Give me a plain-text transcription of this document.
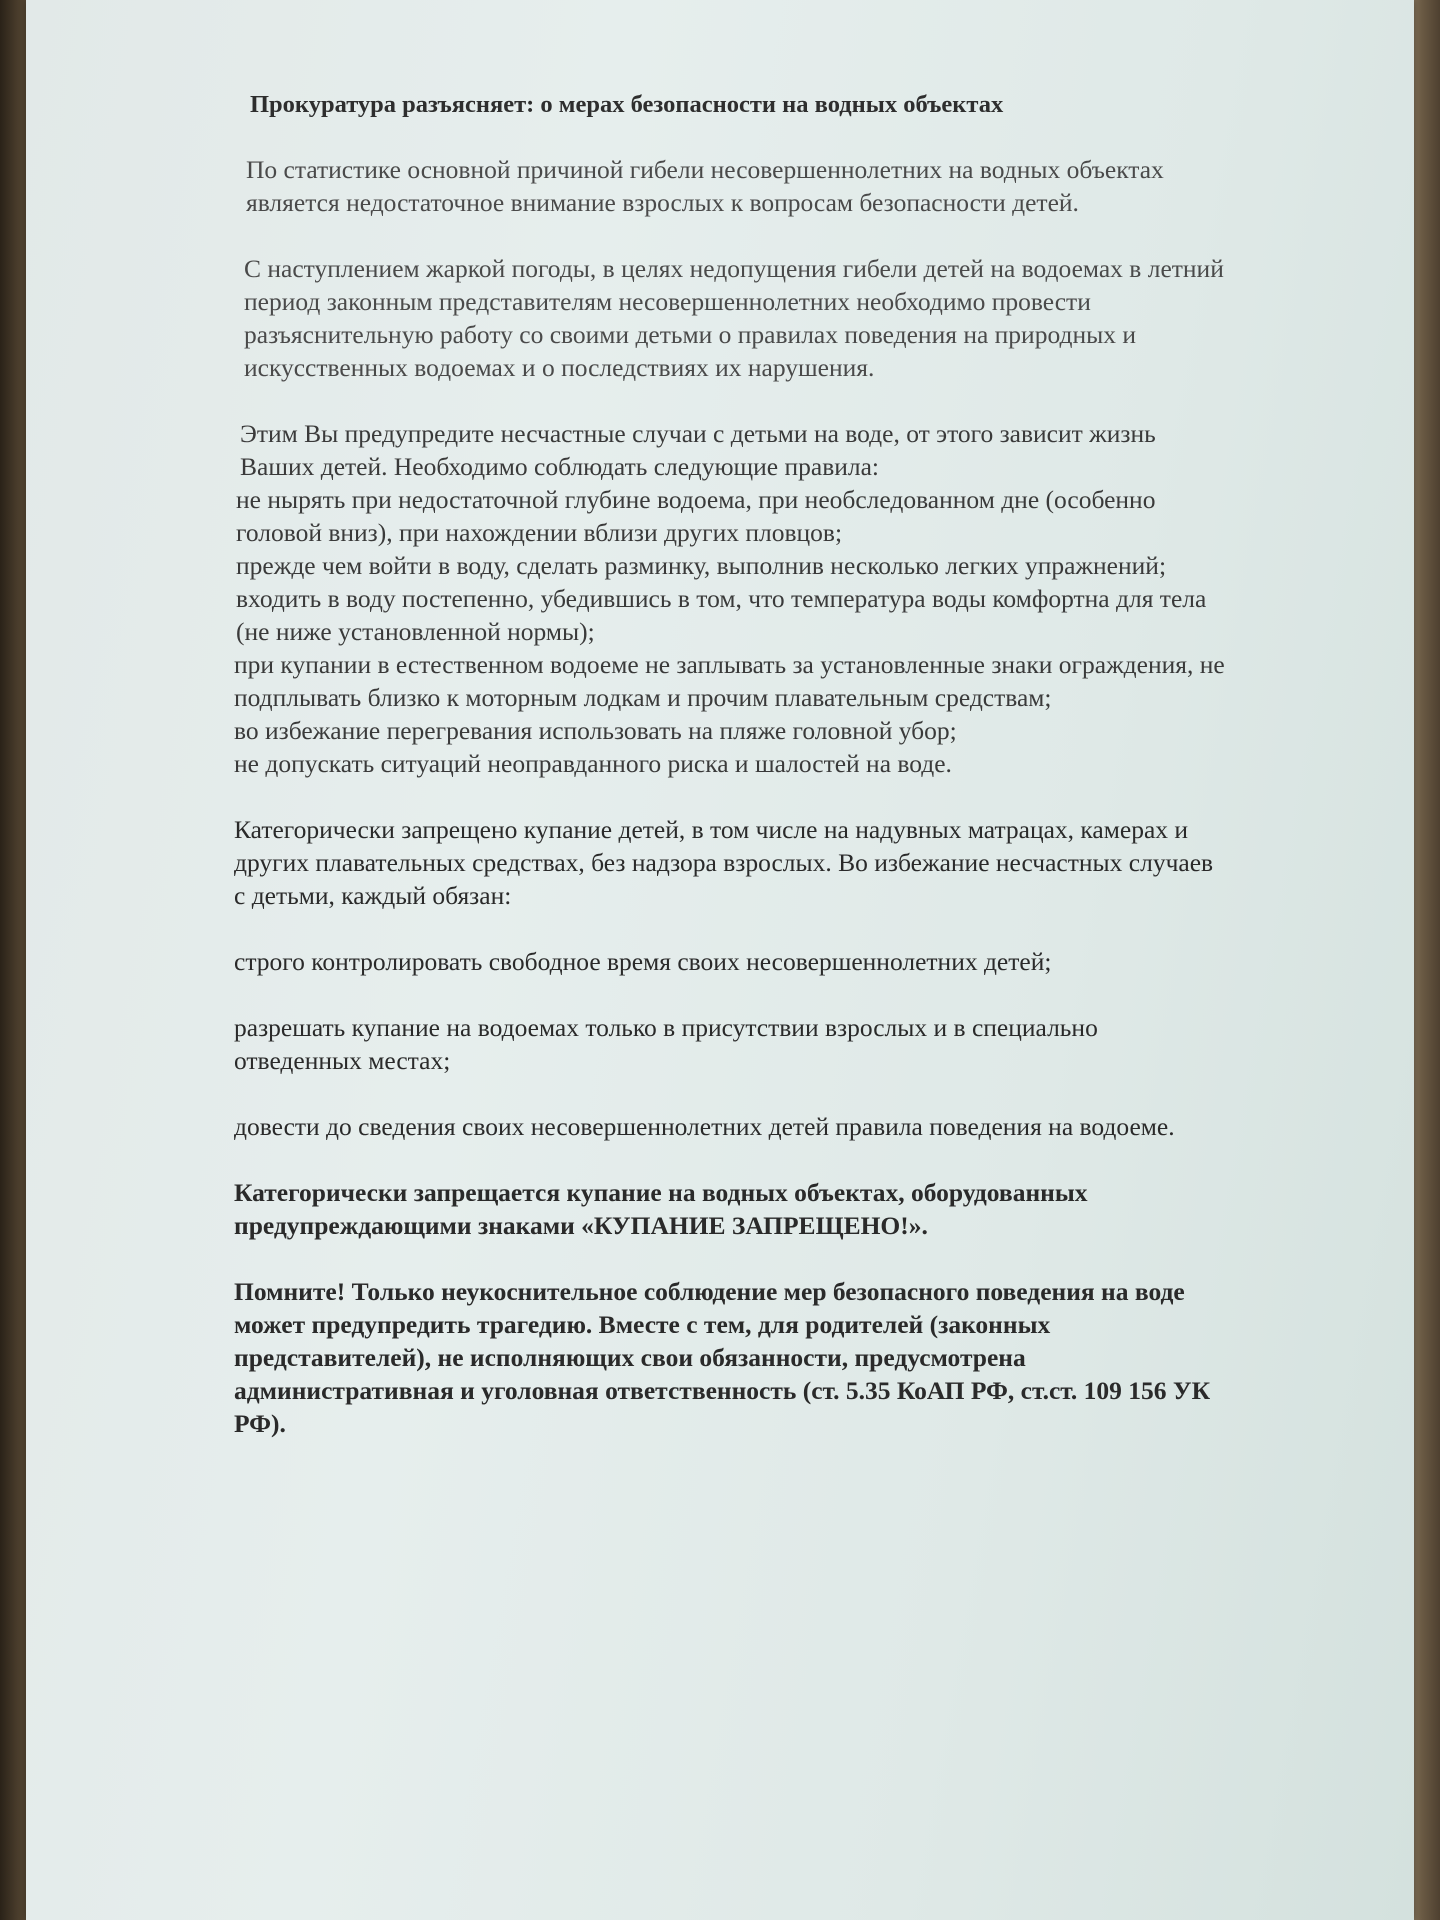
Прокуратура разъясняет: о мерах безопасности на водных объектах
По статистике основной причиной гибели несовершеннолетних на водных объектах
является недостаточное внимание взрослых к вопросам безопасности детей.
С наступлением жаркой погоды, в целях недопущения гибели детей на водоемах в летний
период законным представителям несовершеннолетних необходимо провести
разъяснительную работу со своими детьми о правилах поведения на природных и
искусственных водоемах и о последствиях их нарушения.
Этим Вы предупредите несчастные случаи с детьми на воде, от этого зависит жизнь
Ваших детей. Необходимо соблюдать следующие правила:
не нырять при недостаточной глубине водоема, при необследованном дне (особенно
головой вниз), при нахождении вблизи других пловцов;
прежде чем войти в воду, сделать разминку, выполнив несколько легких упражнений;
входить в воду постепенно, убедившись в том, что температура воды комфортна для тела
(не ниже установленной нормы);
при купании в естественном водоеме не заплывать за установленные знаки ограждения, не
подплывать близко к моторным лодкам и прочим плавательным средствам;
во избежание перегревания использовать на пляже головной убор;
не допускать ситуаций неоправданного риска и шалостей на воде.
Категорически запрещено купание детей, в том числе на надувных матрацах, камерах и
других плавательных средствах, без надзора взрослых. Во избежание несчастных случаев
с детьми, каждый обязан:
строго контролировать свободное время своих несовершеннолетних детей;
разрешать купание на водоемах только в присутствии взрослых и в специально
отведенных местах;
довести до сведения своих несовершеннолетних детей правила поведения на водоеме.
Категорически запрещается купание на водных объектах, оборудованных
предупреждающими знаками «КУПАНИЕ ЗАПРЕЩЕНО!».
Помните! Только неукоснительное соблюдение мер безопасного поведения на воде
может предупредить трагедию. Вместе с тем, для родителей (законных
представителей), не исполняющих свои обязанности, предусмотрена
административная и уголовная ответственность (ст. 5.35 КоАП РФ, ст.ст. 109 156 УК
РФ).
